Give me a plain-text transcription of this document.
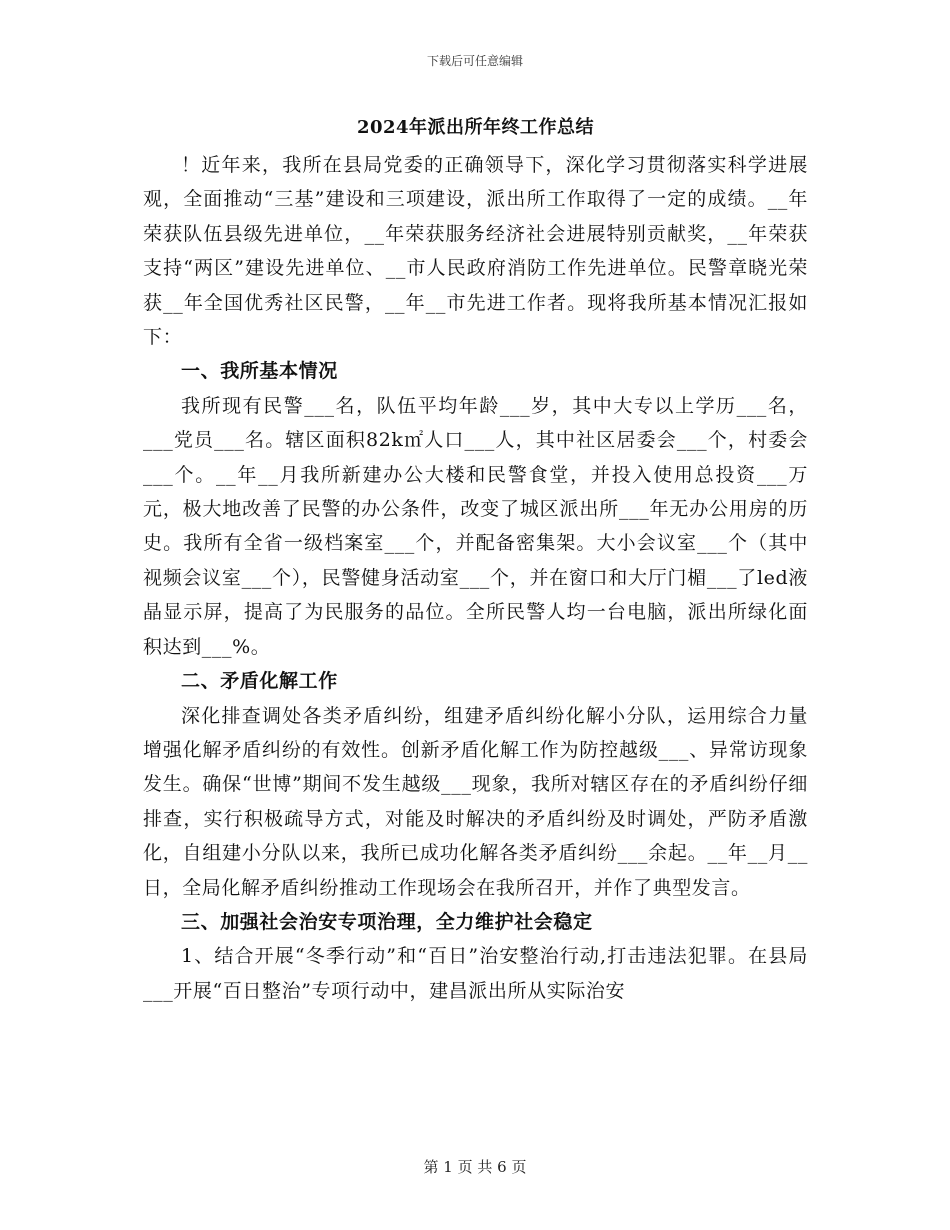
下载后可任意编辑
2024年派出所年终工作总结

！近年来，我所在县局党委的正确领导下，深化学习贯彻落实科学进展观，全面推动“三基”建设和三项建设，派出所工作取得了一定的成绩。__年荣获队伍县级先进单位，__年荣获服务经济社会进展特别贡献奖，__年荣获支持“两区”建设先进单位、__市人民政府消防工作先进单位。民警章晓光荣获__年全国优秀社区民警，__年__市先进工作者。现将我所基本情况汇报如下：

一、我所基本情况

我所现有民警___名，队伍平均年龄___岁，其中大专以上学历___名，___党员___名。辖区面积82k㎡人口___人，其中社区居委会___个，村委会___个。__年__月我所新建办公大楼和民警食堂，并投入使用总投资___万元，极大地改善了民警的办公条件，改变了城区派出所___年无办公用房的历史。我所有全省一级档案室___个，并配备密集架。大小会议室___个（其中视频会议室___个），民警健身活动室___个，并在窗口和大厅门楣___了led液晶显示屏，提高了为民服务的品位。全所民警人均一台电脑，派出所绿化面积达到___%。

二、矛盾化解工作

深化排查调处各类矛盾纠纷，组建矛盾纠纷化解小分队，运用综合力量增强化解矛盾纠纷的有效性。创新矛盾化解工作为防控越级___、异常访现象发生。确保“世博”期间不发生越级___现象，我所对辖区存在的矛盾纠纷仔细排查，实行积极疏导方式，对能及时解决的矛盾纠纷及时调处，严防矛盾激化，自组建小分队以来，我所已成功化解各类矛盾纠纷___余起。__年__月__日，全局化解矛盾纠纷推动工作现场会在我所召开，并作了典型发言。

三、加强社会治安专项治理，全力维护社会稳定

1、结合开展“冬季行动”和“百日”治安整治行动,打击违法犯罪。在县局___开展“百日整治”专项行动中，建昌派出所从实际治安

第 1 页 共 6 页
